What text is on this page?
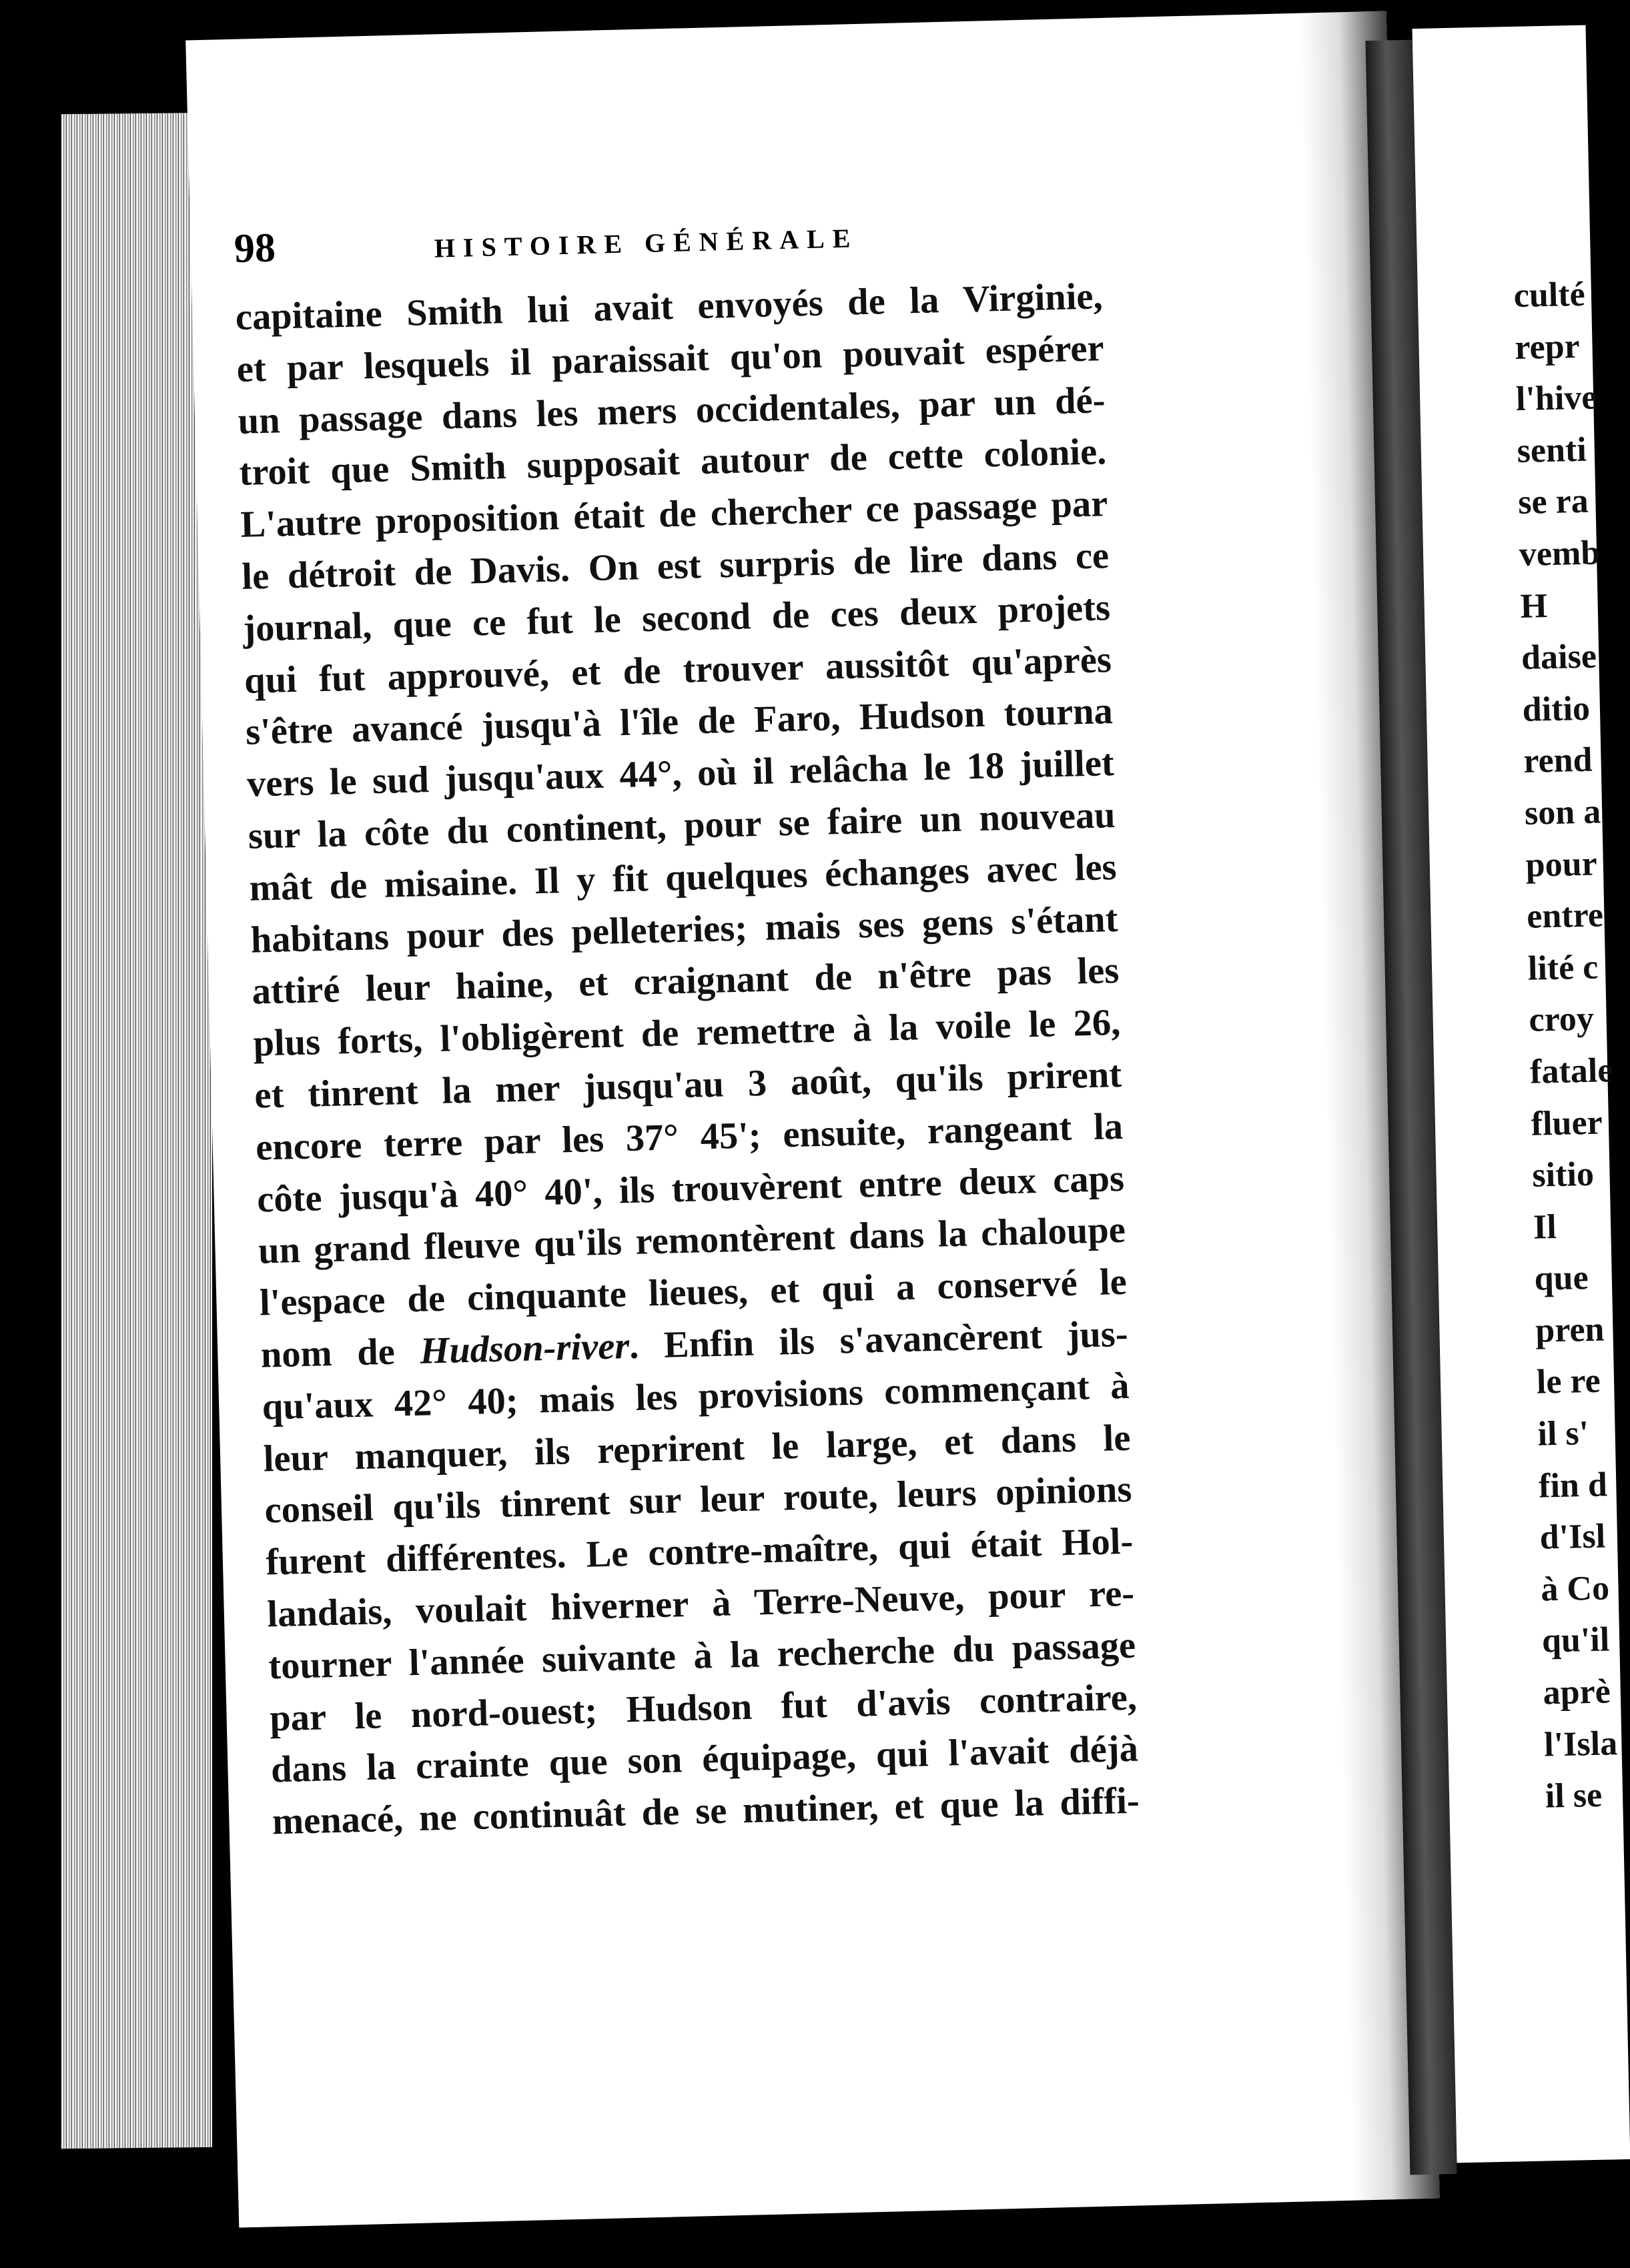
98	HISTOIRE GÉNÉRALE
capitaine Smith lui avait envoyés de la Virginie,
et par lesquels il paraissait qu'on pouvait espérer
un passage dans les mers occidentales, par un dé-
troit que Smith supposait autour de cette colonie.
L'autre proposition était de chercher ce passage par
le détroit de Davis. On est surpris de lire dans ce
journal, que ce fut le second de ces deux projets
qui fut approuvé, et de trouver aussitôt qu'après
s'être avancé jusqu'à l'île de Faro, Hudson tourna
vers le sud jusqu'aux 44°, où il relâcha le 18 juillet
sur la côte du continent, pour se faire un nouveau
mât de misaine. Il y fit quelques échanges avec les
habitans pour des pelleteries; mais ses gens s'étant
attiré leur haine, et craignant de n'être pas les
plus forts, l'obligèrent de remettre à la voile le 26,
et tinrent la mer jusqu'au 3 août, qu'ils prirent
encore terre par les 37° 45'; ensuite, rangeant la
côte jusqu'à 40° 40', ils trouvèrent entre deux caps
un grand fleuve qu'ils remontèrent dans la chaloupe
l'espace de cinquante lieues, et qui a conservé le
nom de Hudson-river. Enfin ils s'avancèrent jus-
qu'aux 42° 40; mais les provisions commençant à
leur manquer, ils reprirent le large, et dans le
conseil qu'ils tinrent sur leur route, leurs opinions
furent différentes. Le contre-maître, qui était Hol-
landais, voulait hiverner à Terre-Neuve, pour re-
tourner l'année suivante à la recherche du passage
par le nord-ouest; Hudson fut d'avis contraire,
dans la crainte que son équipage, qui l'avait déjà
menacé, ne continuât de se mutiner, et que la diffi-
culté
repr
l'hive
senti
se ra
vemb
H
daise
ditio
rend
son a
pour
entre
lité c
croy
fatale
fluer
sitio
Il
que
pren
le re
il s'
fin d
d'Isl
à Co
qu'il
aprè
l'Isla
il se
